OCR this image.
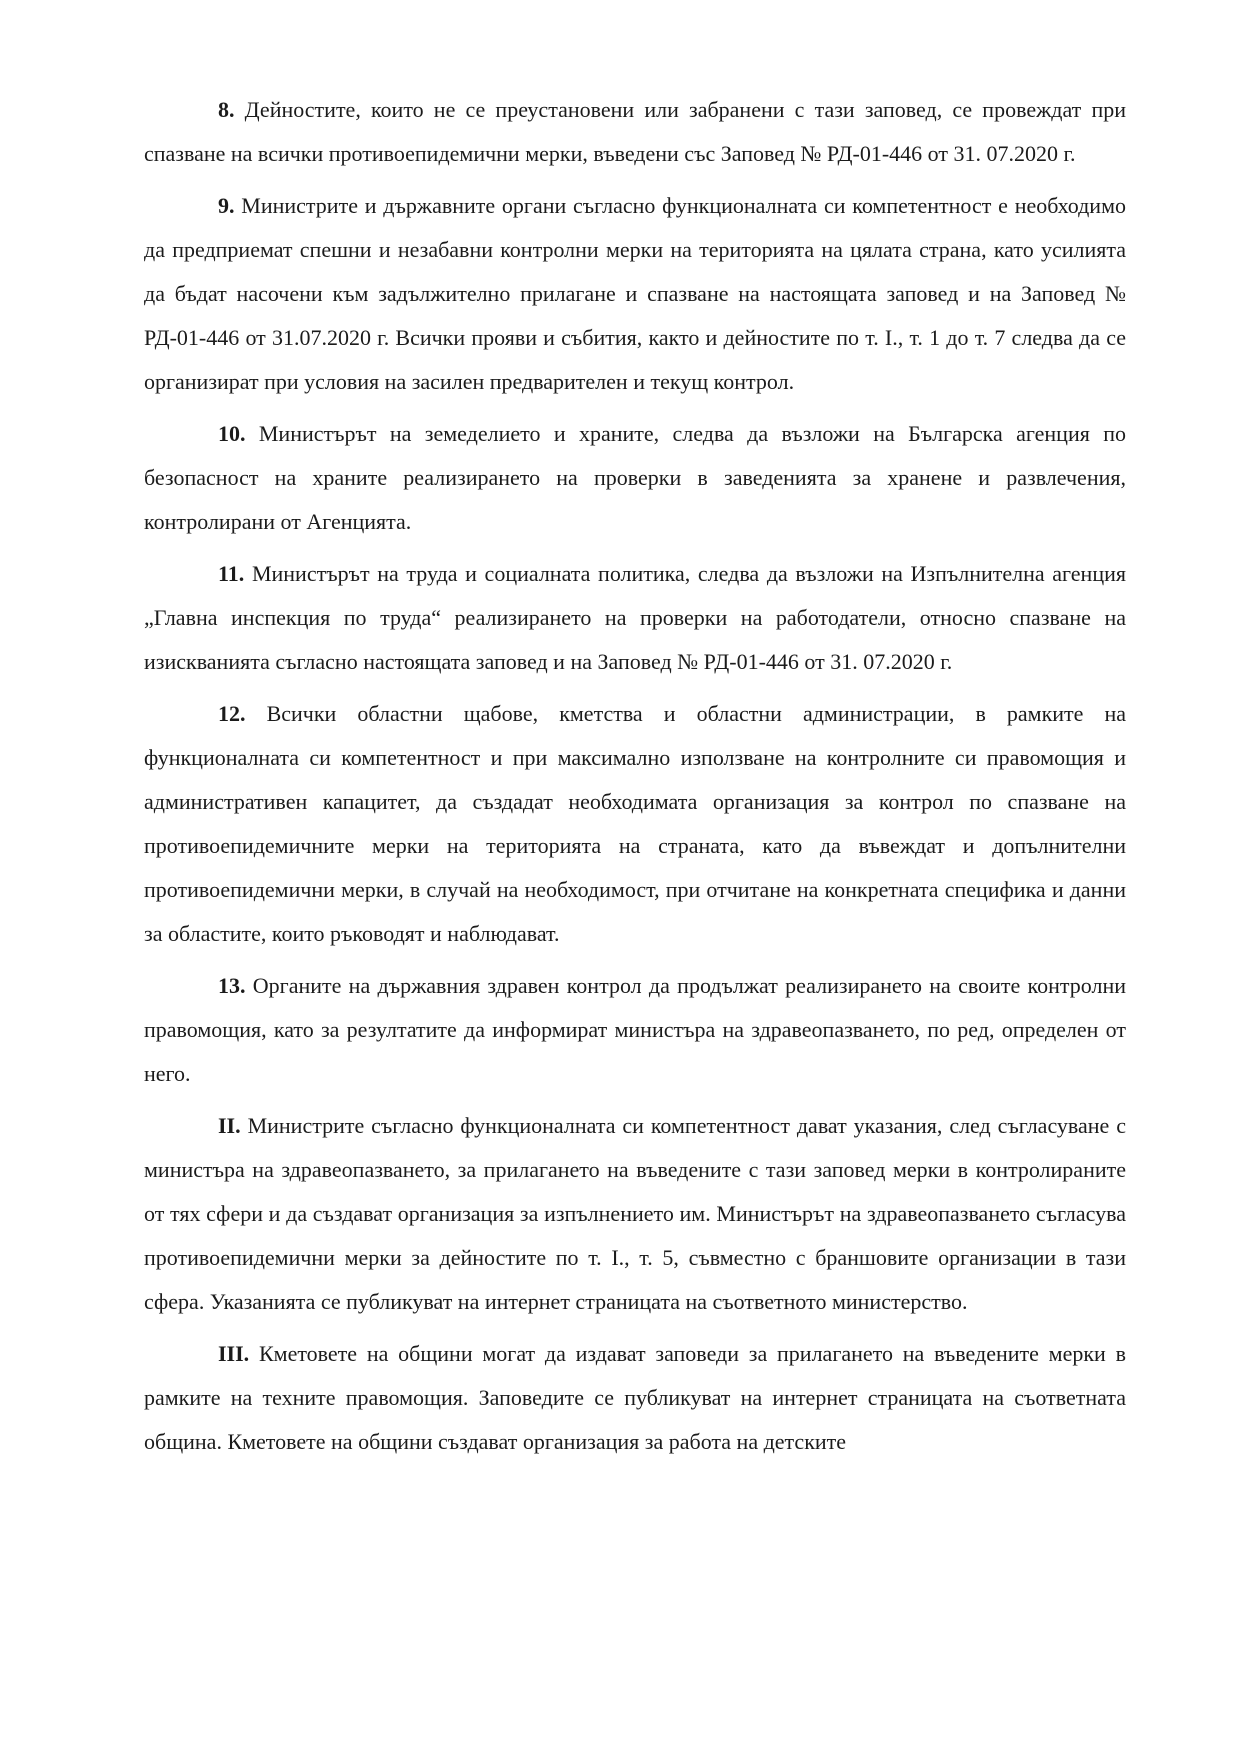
8. Дейностите, които не се преустановени или забранени с тази заповед, се провеждат при спазване на всички противоепидемични мерки, въведени със Заповед № РД-01-446 от 31. 07.2020 г.

9. Министрите и държавните органи съгласно функционалната си компетентност е необходимо да предприемат спешни и незабавни контролни мерки на територията на цялата страна, като усилията да бъдат насочени към задължително прилагане и спазване на настоящата заповед и на Заповед № РД-01-446 от 31.07.2020 г. Всички прояви и събития, както и дейностите по т. I., т. 1 до т. 7 следва да се организират при условия на засилен предварителен и текущ контрол.

10. Министърът на земеделието и храните, следва да възложи на Българска агенция по безопасност на храните реализирането на проверки в заведенията за хранене и развлечения, контролирани от Агенцията.

11. Министърът на труда и социалната политика, следва да възложи на Изпълнителна агенция „Главна инспекция по труда“ реализирането на проверки на работодатели, относно спазване на изискванията съгласно настоящата заповед и на Заповед № РД-01-446 от 31. 07.2020 г.

12. Всички областни щабове, кметства и областни администрации, в рамките на функционалната си компетентност и при максимално използване на контролните си правомощия и административен капацитет, да създадат необходимата организация за контрол по спазване на противоепидемичните мерки на територията на страната, като да въвеждат и допълнителни противоепидемични мерки, в случай на необходимост, при отчитане на конкретната специфика и данни за областите, които ръководят и наблюдават.

13. Органите на държавния здравен контрол да продължат реализирането на своите контролни правомощия, като за резултатите да информират министъра на здравеопазването, по ред, определен от него.

II. Министрите съгласно функционалната си компетентност дават указания, след съгласуване с министъра на здравеопазването, за прилагането на въведените с тази заповед мерки в контролираните от тях сфери и да създават организация за изпълнението им. Министърът на здравеопазването съгласува противоепидемични мерки за дейностите по т. I., т. 5, съвместно с браншовите организации в тази сфера. Указанията се публикуват на интернет страницата на съответното министерство.

III. Кметовете на общини могат да издават заповеди за прилагането на въведените мерки в рамките на техните правомощия. Заповедите се публикуват на интернет страницата на съответната община. Кметовете на общини създават организация за работа на детските
